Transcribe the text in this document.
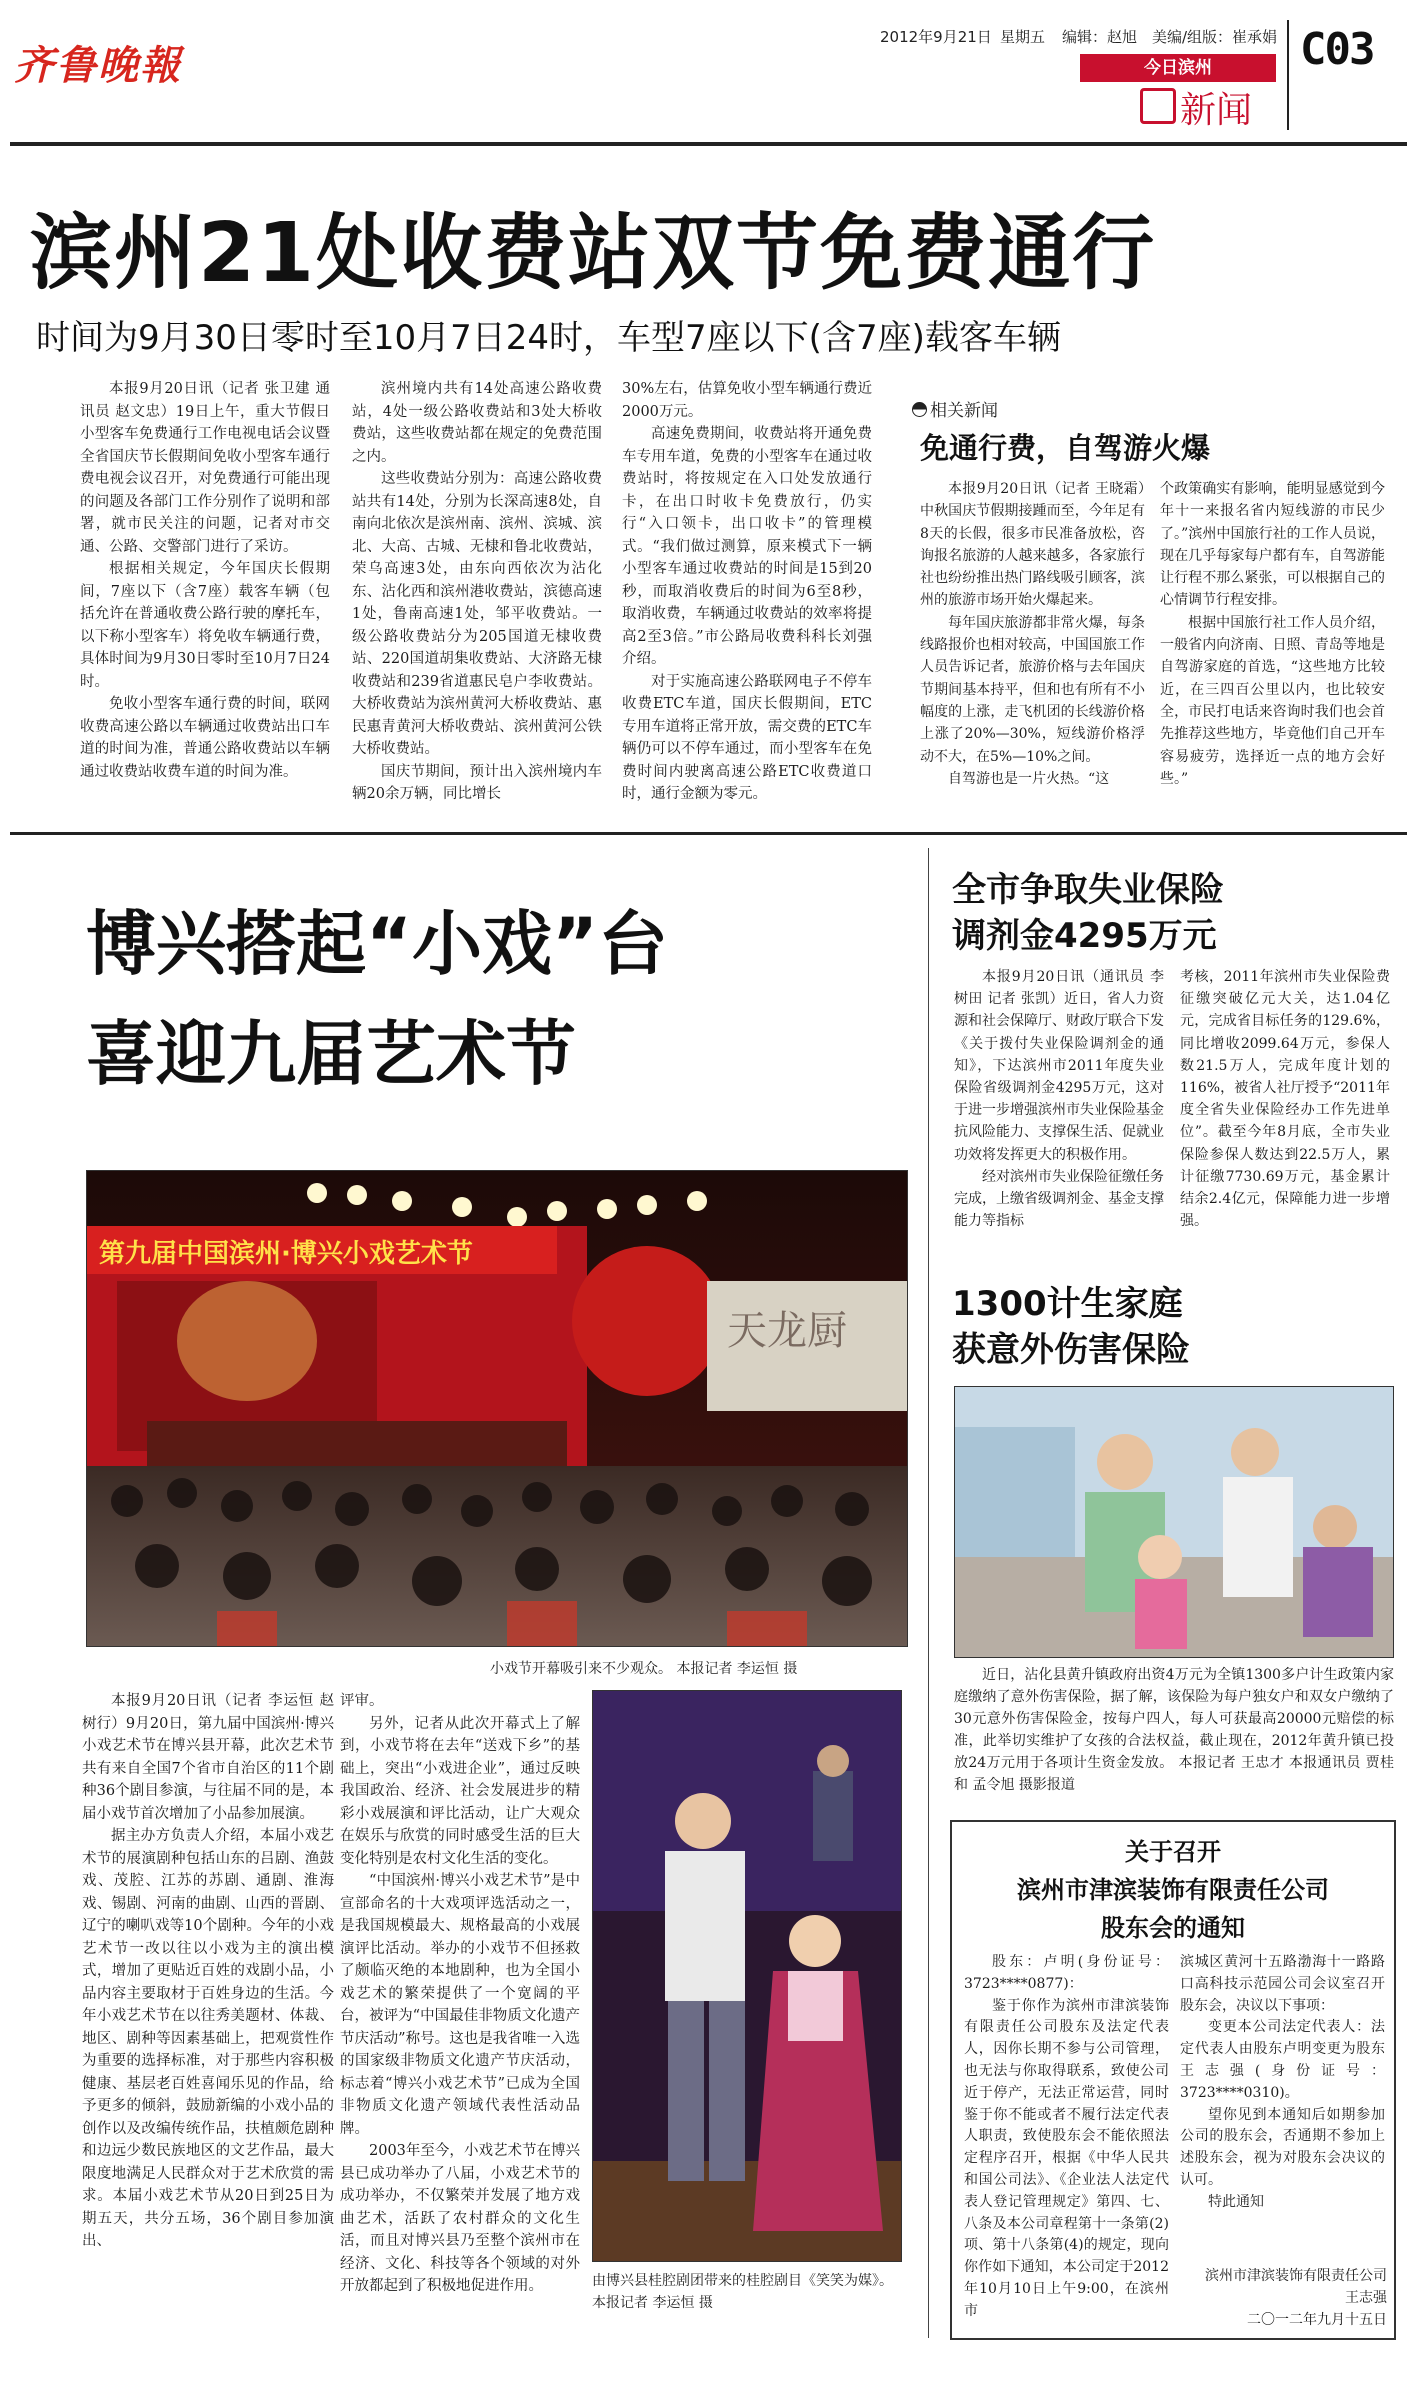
齐鲁晚報
2012年9月21日 星期五 编辑：赵旭　美编/组版：崔承娟
今日滨州
新闻
C03
滨州21处收费站双节免费通行
时间为9月30日零时至10月7日24时，车型7座以下(含7座)载客车辆

本报9月20日讯（记者 张卫建 通讯员 赵文忠）19日上午，重大节假日小型客车免费通行工作电视电话会议暨全省国庆节长假期间免收小型客车通行费电视会议召开，对免费通行可能出现的问题及各部门工作分别作了说明和部署，就市民关注的问题，记者对市交通、公路、交警部门进行了采访。

根据相关规定，今年国庆长假期间，7座以下（含7座）载客车辆（包括允许在普通收费公路行驶的摩托车，以下称小型客车）将免收车辆通行费，具体时间为9月30日零时至10月7日24时。

免收小型客车通行费的时间，联网收费高速公路以车辆通过收费站出口车道的时间为准，普通公路收费站以车辆通过收费站收费车道的时间为准。

滨州境内共有14处高速公路收费站，4处一级公路收费站和3处大桥收费站，这些收费站都在规定的免费范围之内。

这些收费站分别为：高速公路收费站共有14处，分别为长深高速8处，自南向北依次是滨州南、滨州、滨城、滨北、大高、古城、无棣和鲁北收费站，荣乌高速3处，由东向西依次为沾化东、沾化西和滨州港收费站，滨德高速1处，鲁南高速1处，邹平收费站。一级公路收费站分为205国道无棣收费站、220国道胡集收费站、大济路无棣收费站和239省道惠民皂户李收费站。大桥收费站为滨州黄河大桥收费站、惠民惠青黄河大桥收费站、滨州黄河公铁大桥收费站。

国庆节期间，预计出入滨州境内车辆20余万辆，同比增长

30%左右，估算免收小型车辆通行费近2000万元。

高速免费期间，收费站将开通免费车专用车道，免费的小型客车在通过收费站时，将按规定在入口处发放通行卡，在出口时收卡免费放行，仍实行“入口领卡，出口收卡”的管理模式。“我们做过测算，原来模式下一辆小型客车通过收费站的时间是15到20秒，而取消收费后的时间为6至8秒，取消收费，车辆通过收费站的效率将提高2至3倍。”市公路局收费科科长刘强介绍。

对于实施高速公路联网电子不停车收费ETC车道，国庆长假期间，ETC专用车道将正常开放，需交费的ETC车辆仍可以不停车通过，而小型客车在免费时间内驶离高速公路ETC收费道口时，通行金额为零元。

相关新闻
免通行费，自驾游火爆

本报9月20日讯（记者 王晓霜）中秋国庆节假期接踵而至，今年足有8天的长假，很多市民准备放松，咨询报名旅游的人越来越多，各家旅行社也纷纷推出热门路线吸引顾客，滨州的旅游市场开始火爆起来。

每年国庆旅游都非常火爆，每条线路报价也相对较高，中国国旅工作人员告诉记者，旅游价格与去年国庆节期间基本持平，但和也有所有不小幅度的上涨，走飞机团的长线游价格上涨了20%—30%，短线游价格浮动不大，在5%—10%之间。

自驾游也是一片火热。“这

个政策确实有影响，能明显感觉到今年十一来报名省内短线游的市民少了。”滨州中国旅行社的工作人员说，现在几乎每家每户都有车，自驾游能让行程不那么紧张，可以根据自己的心情调节行程安排。

根据中国旅行社工作人员介绍，一般省内向济南、日照、青岛等地是自驾游家庭的首选，“这些地方比较近，在三四百公里以内，也比较安全，市民打电话来咨询时我们也会首先推荐这些地方，毕竟他们自己开车容易疲劳，选择近一点的地方会好些。”

博兴搭起“小戏”台
喜迎九届艺术节
第九届中国滨州·博兴小戏艺术节
天龙厨
小戏节开幕吸引来不少观众。 本报记者 李运恒 摄

本报9月20日讯（记者 李运恒 赵树行）9月20日，第九届中国滨州·博兴小戏艺术节在博兴县开幕，此次艺术节共有来自全国7个省市自治区的11个剧种36个剧目参演，与往届不同的是，本届小戏节首次增加了小品参加展演。

据主办方负责人介绍，本届小戏艺术节的展演剧种包括山东的吕剧、渔鼓戏、茂腔、江苏的苏剧、通剧、淮海戏、锡剧、河南的曲剧、山西的晋剧、辽宁的喇叭戏等10个剧种。今年的小戏艺术节一改以往以小戏为主的演出模式，增加了更贴近百姓的戏剧小品，小品内容主要取材于百姓身边的生活。今年小戏艺术节在以往秀美题材、体裁、地区、剧种等因素基础上，把观赏性作为重要的选择标准，对于那些内容积极健康、基层老百姓喜闻乐见的作品，给予更多的倾斜，鼓励新编的小戏小品的创作以及改编传统作品，扶植颇危剧种和边远少数民族地区的文艺作品，最大限度地满足人民群众对于艺术欣赏的需求。本届小戏艺术节从20日到25日为期五天，共分五场，36个剧目参加演出、

评审。

另外，记者从此次开幕式上了解到，小戏节将在去年“送戏下乡”的基础上，突出“小戏进企业”，通过反映我国政治、经济、社会发展进步的精彩小戏展演和评比活动，让广大观众在娱乐与欣赏的同时感受生活的巨大变化特别是农村文化生活的变化。

“中国滨州·博兴小戏艺术节”是中宣部命名的十大戏项评选活动之一，是我国规模最大、规格最高的小戏展演评比活动。举办的小戏节不但拯救了颇临灭绝的本地剧种，也为全国小戏艺术的繁荣提供了一个宽阔的平台，被评为“中国最佳非物质文化遗产节庆活动”称号。这也是我省唯一入选的国家级非物质文化遗产节庆活动，标志着“博兴小戏艺术节”已成为全国非物质文化遗产领域代表性活动品牌。

2003年至今，小戏艺术节在博兴县已成功举办了八届，小戏艺术节的成功举办，不仅繁荣并发展了地方戏曲艺术，活跃了农村群众的文化生活，而且对博兴县乃至整个滨州市在经济、文化、科技等各个领域的对外开放都起到了积极地促进作用。	由博兴县桂腔剧团带来的桂腔剧目《笑笑为媒》。 本报记者 李运恒 摄
全市争取失业保险
调剂金4295万元

本报9月20日讯（通讯员 李树田 记者 张凯）近日，省人力资源和社会保障厅、财政厅联合下发《关于拨付失业保险调剂金的通知》，下达滨州市2011年度失业保险省级调剂金4295万元，这对于进一步增强滨州市失业保险基金抗风险能力、支撑保生活、促就业功效将发挥更大的积极作用。

经对滨州市失业保险征缴任务完成，上缴省级调剂金、基金支撑能力等指标

考核，2011年滨州市失业保险费征缴突破亿元大关，达1.04亿元，完成省目标任务的129.6%，同比增收2099.64万元，参保人数21.5万人，完成年度计划的116%，被省人社厅授予“2011年度全省失业保险经办工作先进单位”。截至今年8月底，全市失业保险参保人数达到22.5万人，累计征缴7730.69万元，基金累计结余2.4亿元，保障能力进一步增强。

1300计生家庭
获意外伤害保险
近日，沾化县黄升镇政府出资4万元为全镇1300多户计生政策内家庭缴纳了意外伤害保险，据了解，该保险为每户独女户和双女户缴纳了30元意外伤害保险金，按每户四人，每人可获最高20000元赔偿的标准，此举切实维护了女孩的合法权益，截止现在，2012年黄升镇已投放24万元用于各项计生资金发放。 本报记者 王忠才 本报通讯员 贾桂和 孟令旭 摄影报道
关于召开
滨州市津滨装饰有限责任公司
股东会的通知

股东：卢明(身份证号：3723****0877)：

鉴于你作为滨州市津滨装饰有限责任公司股东及法定代表人，因你长期不参与公司管理，也无法与你取得联系，致使公司近于停产，无法正常运营，同时鉴于你不能或者不履行法定代表人职责，致使股东会不能依照法定程序召开，根据《中华人民共和国公司法》、《企业法人法定代表人登记管理规定》第四、七、八条及本公司章程第十一条第(2)项、第十八条第(4)的规定，现向你作如下通知，本公司定于2012年10月10日上午9:00，在滨州市

滨城区黄河十五路渤海十一路路口高科技示范园公司会议室召开股东会，决议以下事项：

变更本公司法定代表人：法定代表人由股东卢明变更为股东王志强(身份证号：3723****0310)。

望你见到本通知后如期参加公司的股东会，否通期不参加上述股东会，视为对股东会决议的认可。

特此通知

滨州市津滨装饰有限责任公司 王志强
二〇一二年九月十五日
